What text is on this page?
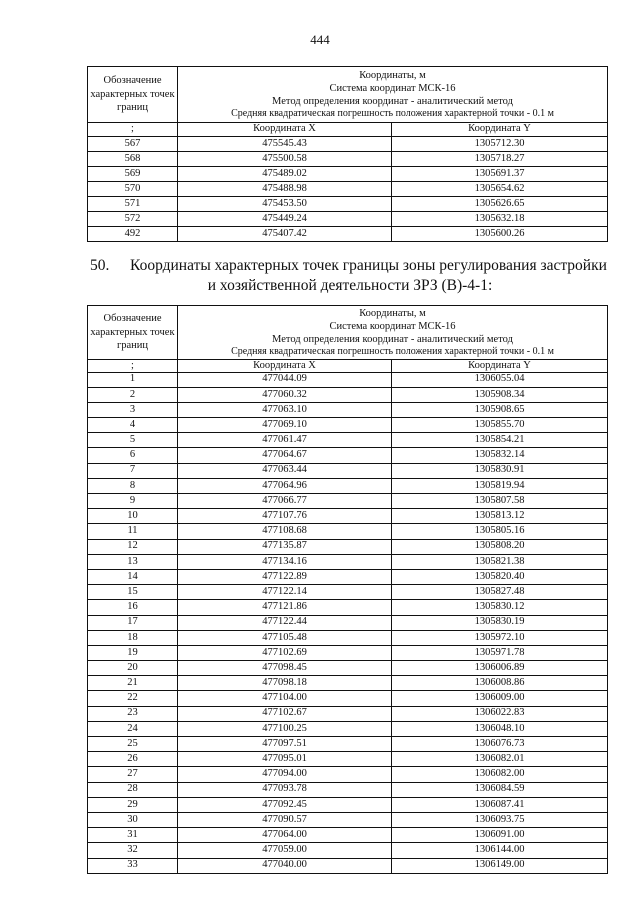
444
Обозначение характерных точек границ	Координаты, м
Система координат МСК-16
Метод определения координат - аналитический метод
Средняя квадратическая погрешность положения характерной точки - 0.1 м	

;	Координата X	Координата Y
567	475545.43	1305712.30
568	475500.58	1305718.27
569	475489.02	1305691.37
570	475488.98	1305654.62
571	475453.50	1305626.65
572	475449.24	1305632.18
492	475407.42	1305600.26
50. Координаты характерных точек границы зоны регулирования застройки
и хозяйственной деятельности ЗРЗ (В)-4-1:
Обозначение характерных точек границ	Координаты, м
Система координат МСК-16
Метод определения координат - аналитический метод
Средняя квадратическая погрешность положения характерной точки - 0.1 м	

;	Координата X	Координата Y
1	477044.09	1306055.04
2	477060.32	1305908.34
3	477063.10	1305908.65
4	477069.10	1305855.70
5	477061.47	1305854.21
6	477064.67	1305832.14
7	477063.44	1305830.91
8	477064.96	1305819.94
9	477066.77	1305807.58
10	477107.76	1305813.12
11	477108.68	1305805.16
12	477135.87	1305808.20
13	477134.16	1305821.38
14	477122.89	1305820.40
15	477122.14	1305827.48
16	477121.86	1305830.12
17	477122.44	1305830.19
18	477105.48	1305972.10
19	477102.69	1305971.78
20	477098.45	1306006.89
21	477098.18	1306008.86
22	477104.00	1306009.00
23	477102.67	1306022.83
24	477100.25	1306048.10
25	477097.51	1306076.73
26	477095.01	1306082.01
27	477094.00	1306082.00
28	477093.78	1306084.59
29	477092.45	1306087.41
30	477090.57	1306093.75
31	477064.00	1306091.00
32	477059.00	1306144.00
33	477040.00	1306149.00
